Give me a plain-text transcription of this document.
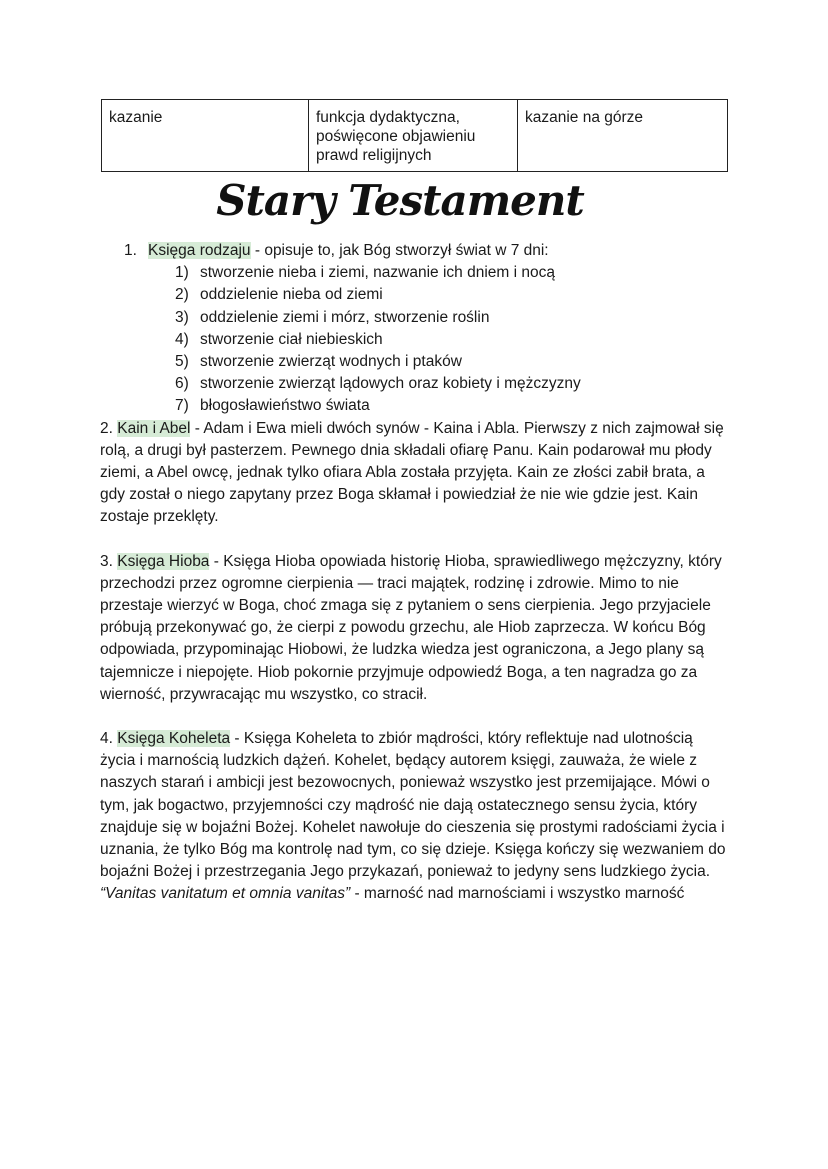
kazanie	funkcja dydaktyczna, poświęcone objawieniu prawd religijnych	kazanie na górze
Stary Testament
1. Księga rodzaju - opisuje to, jak Bóg stworzył świat w 7 dni:
1) stworzenie nieba i ziemi, nazwanie ich dniem i nocą
2) oddzielenie nieba od ziemi
3) oddzielenie ziemi i mórz, stworzenie roślin
4) stworzenie ciał niebieskich
5) stworzenie zwierząt wodnych i ptaków
6) stworzenie zwierząt lądowych oraz kobiety i mężczyzny
7) błogosławieństwo świata

2. Kain i Abel - Adam i Ewa mieli dwóch synów - Kaina i Abla. Pierwszy z nich zajmował się rolą, a drugi był pasterzem. Pewnego dnia składali ofiarę Panu. Kain podarował mu płody ziemi, a Abel owcę, jednak tylko ofiara Abla została przyjęta. Kain ze złości zabił brata, a gdy został o niego zapytany przez Boga skłamał i powiedział że nie wie gdzie jest. Kain zostaje przeklęty.

3. Księga Hioba - Księga Hioba opowiada historię Hioba, sprawiedliwego mężczyzny, który przechodzi przez ogromne cierpienia — traci majątek, rodzinę i zdrowie. Mimo to nie przestaje wierzyć w Boga, choć zmaga się z pytaniem o sens cierpienia. Jego przyjaciele próbują przekonywać go, że cierpi z powodu grzechu, ale Hiob zaprzecza. W końcu Bóg odpowiada, przypominając Hiobowi, że ludzka wiedza jest ograniczona, a Jego plany są tajemnicze i niepojęte. Hiob pokornie przyjmuje odpowiedź Boga, a ten nagradza go za wierność, przywracając mu wszystko, co stracił.

4. Księga Koheleta - Księga Koheleta to zbiór mądrości, który reflektuje nad ulotnością życia i marnością ludzkich dążeń. Kohelet, będący autorem księgi, zauważa, że wiele z naszych starań i ambicji jest bezowocnych, ponieważ wszystko jest przemijające. Mówi o tym, jak bogactwo, przyjemności czy mądrość nie dają ostatecznego sensu życia, który znajduje się w bojaźni Bożej. Kohelet nawołuje do cieszenia się prostymi radościami życia i uznania, że tylko Bóg ma kontrolę nad tym, co się dzieje. Księga kończy się wezwaniem do bojaźni Bożej i przestrzegania Jego przykazań, ponieważ to jedyny sens ludzkiego życia.

“Vanitas vanitatum et omnia vanitas” - marność nad marnościami i wszystko marność
